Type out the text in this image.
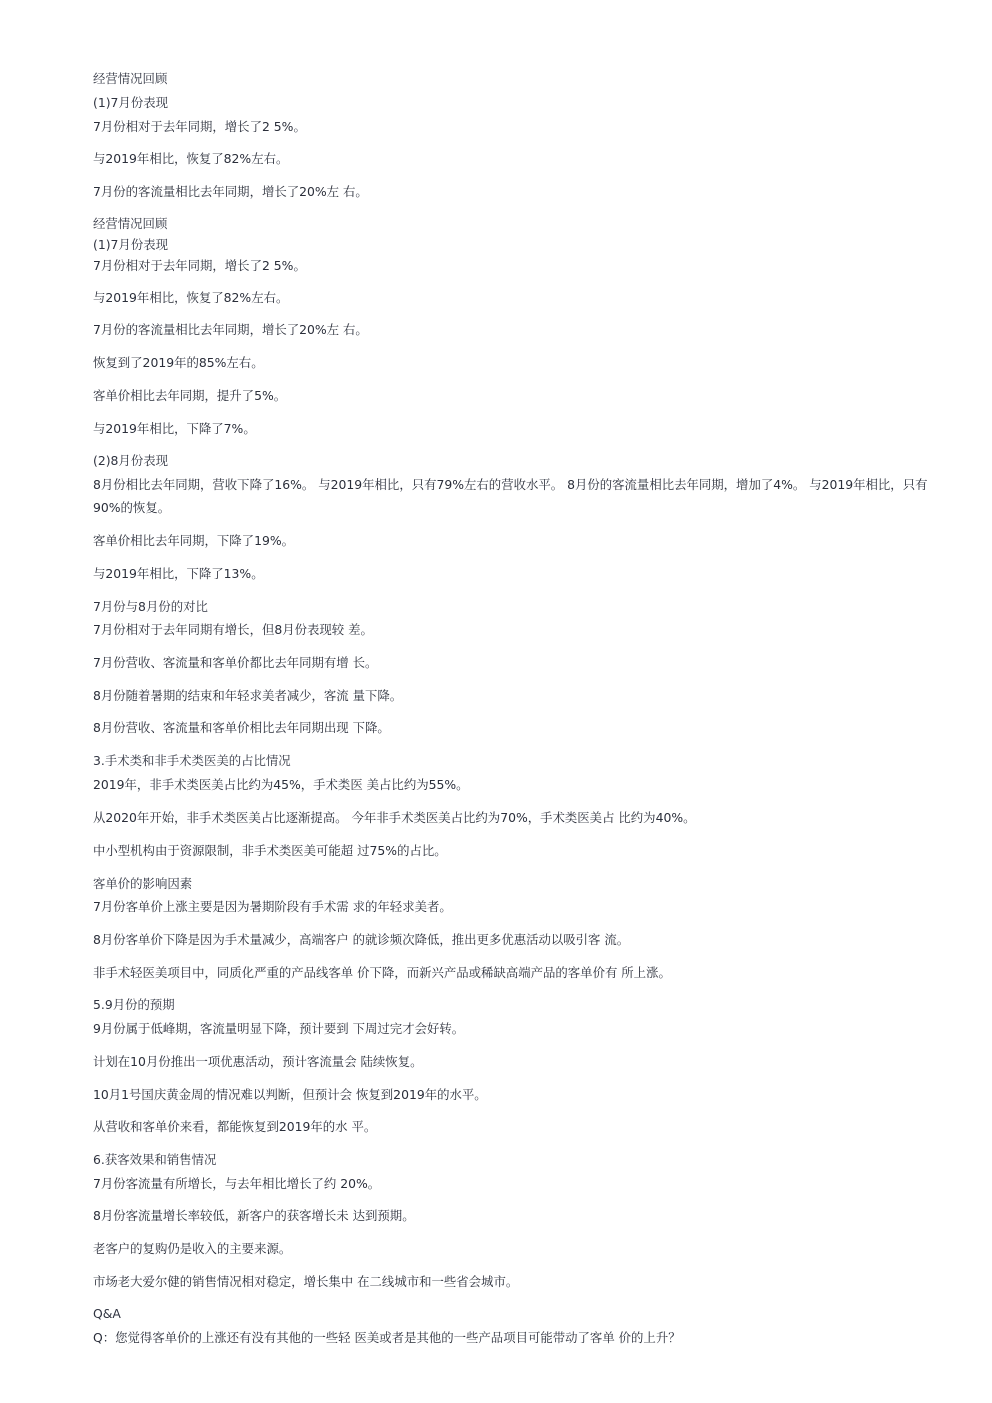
经营情况回顾
(1)7月份表现
7月份相对于去年同期，增长了2 5%。
与2019年相比，恢复了82%左右。
7月份的客流量相比去年同期，增长了20%左 右。
经营情况回顾
(1)7月份表现
7月份相对于去年同期，增长了2 5%。
与2019年相比，恢复了82%左右。
7月份的客流量相比去年同期，增长了20%左 右。
恢复到了2019年的85%左右。
客单价相比去年同期，提升了5%。
与2019年相比，下降了7%。
(2)8月份表现
8月份相比去年同期，营收下降了16%。 与2019年相比，只有79%左右的营收水平。 8月份的客流量相比去年同期，增加了4%。 与2019年相比，只有90%的恢复。
客单价相比去年同期，下降了19%。
与2019年相比，下降了13%。
7月份与8月份的对比
7月份相对于去年同期有增长，但8月份表现较 差。
7月份营收、客流量和客单价都比去年同期有增 长。
8月份随着暑期的结束和年轻求美者减少，客流 量下降。
8月份营收、客流量和客单价相比去年同期出现 下降。
3.手术类和非手术类医美的占比情况
2019年，非手术类医美占比约为45%，手术类医 美占比约为55%。
从2020年开始，非手术类医美占比逐渐提高。 今年非手术类医美占比约为70%，手术类医美占 比约为40%。
中小型机构由于资源限制，非手术类医美可能超 过75%的占比。
客单价的影响因素
7月份客单价上涨主要是因为暑期阶段有手术需 求的年轻求美者。
8月份客单价下降是因为手术量减少，高端客户 的就诊频次降低，推出更多优惠活动以吸引客 流。
非手术轻医美项目中，同质化严重的产品线客单 价下降，而新兴产品或稀缺高端产品的客单价有 所上涨。
5.9月份的预期
9月份属于低峰期，客流量明显下降，预计要到 下周过完才会好转。
计划在10月份推出一项优惠活动，预计客流量会 陆续恢复。
10月1号国庆黄金周的情况难以判断，但预计会 恢复到2019年的水平。
从营收和客单价来看，都能恢复到2019年的水 平。
6.获客效果和销售情况
7月份客流量有所增长，与去年相比增长了约 20%。
8月份客流量增长率较低，新客户的获客增长未 达到预期。
老客户的复购仍是收入的主要来源。
市场老大爱尔健的销售情况相对稳定，增长集中 在二线城市和一些省会城市。
Q&A
Q：您觉得客单价的上涨还有没有其他的一些轻 医美或者是其他的一些产品项目可能带动了客单 价的上升？
